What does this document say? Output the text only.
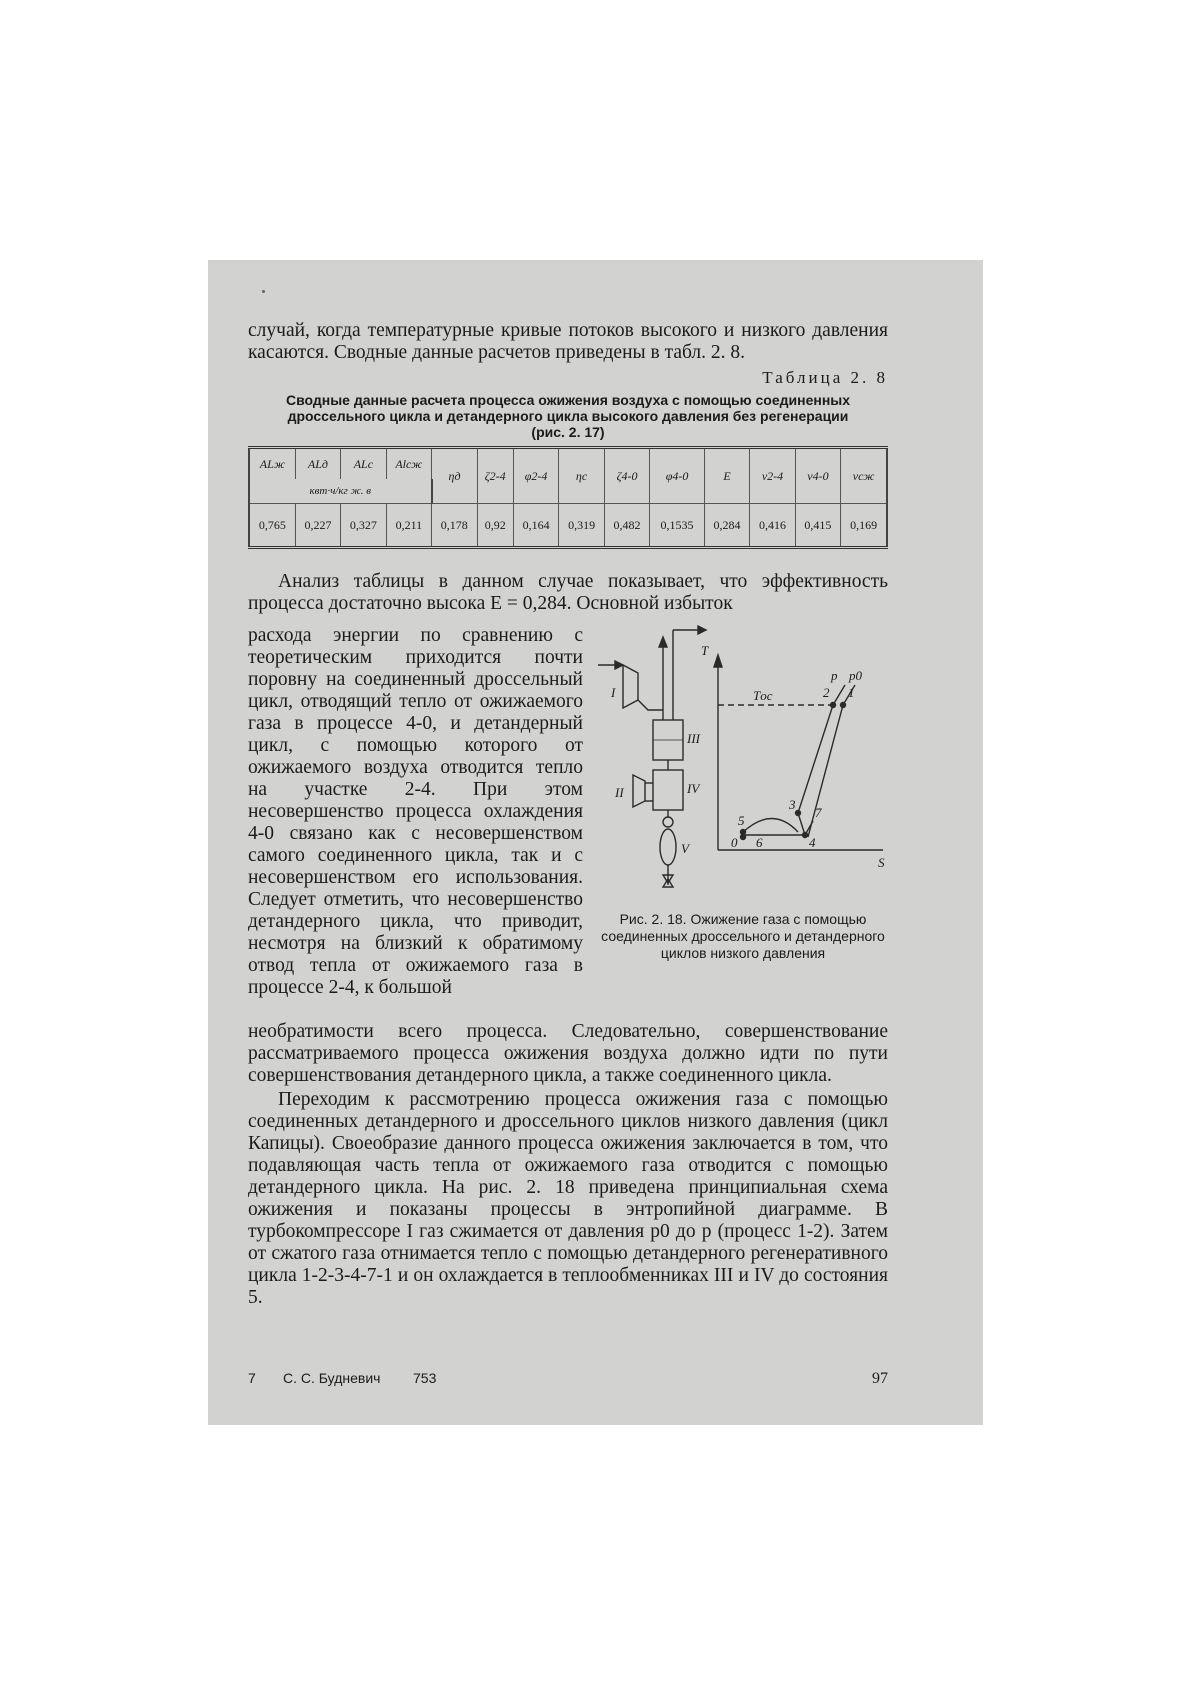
случай, когда температурные кривые потоков высокого и низкого давления касаются. Сводные данные расчетов приведены в табл. 2. 8.

Таблица 2. 8

Сводные данные расчета процесса ожижения воздуха с помощью соединенных
дроссельного цикла и детандерного цикла высокого давления без регенерации
(рис. 2. 17)

ALж	ALд	ALc	Alсж	ηд	ζ2-4	φ2-4	ηc	ζ4-0	φ4-0	E	ν2-4	ν4-0	νсж
квт·ч/кг ж. в													
0,765	0,227	0,327	0,211	0,178	0,92	0,164	0,319	0,482	0,1535	0,284	0,416	0,415	0,169

Анализ таблицы в данном случае показывает, что эффективность процесса достаточно высока E = 0,284. Основной избыток

расхода энергии по сравнению с теоретическим приходится почти поровну на соединенный дроссельный цикл, отводящий тепло от ожижаемого газа в процессе 4-0, и детандерный цикл, с помощью которого от ожижаемого воздуха отводится тепло на участке 2-4. При этом несовершенство процесса охлаждения 4-0 связано как с несовершенством самого соединенного цикла, так и с несовершенством его использования. Следует отметить, что несовершенство детандерного цикла, что приводит, несмотря на близкий к обратимому отвод тепла от ожижаемого газа в процессе 2-4, к большой

T
S
Tос
p p0
I
II
III
IV
V
1
2
3
4
5
6
0
7
Рис. 2. 18. Ожижение газа с помощью соединенных дроссельного и детандерного циклов низкого давления

необратимости всего процесса. Следовательно, совершенствование рассматриваемого процесса ожижения воздуха должно идти по пути совершенствования детандерного цикла, а также соединенного цикла.

Переходим к рассмотрению процесса ожижения газа с помощью соединенных детандерного и дроссельного циклов низкого давления (цикл Капицы). Своеобразие данного процесса ожижения заключается в том, что подавляющая часть тепла от ожижаемого газа отводится с помощью детандерного цикла. На рис. 2. 18 приведена принципиальная схема ожижения и показаны процессы в энтропийной диаграмме. В турбокомпрессоре I газ сжимается от давления p0 до p (процесс 1-2). Затем от сжатого газа отнимается тепло с помощью детандерного регенеративного цикла 1-2-3-4-7-1 и он охлаждается в теплообменниках III и IV до состояния 5.

7 С. С. Будневич 753	97
